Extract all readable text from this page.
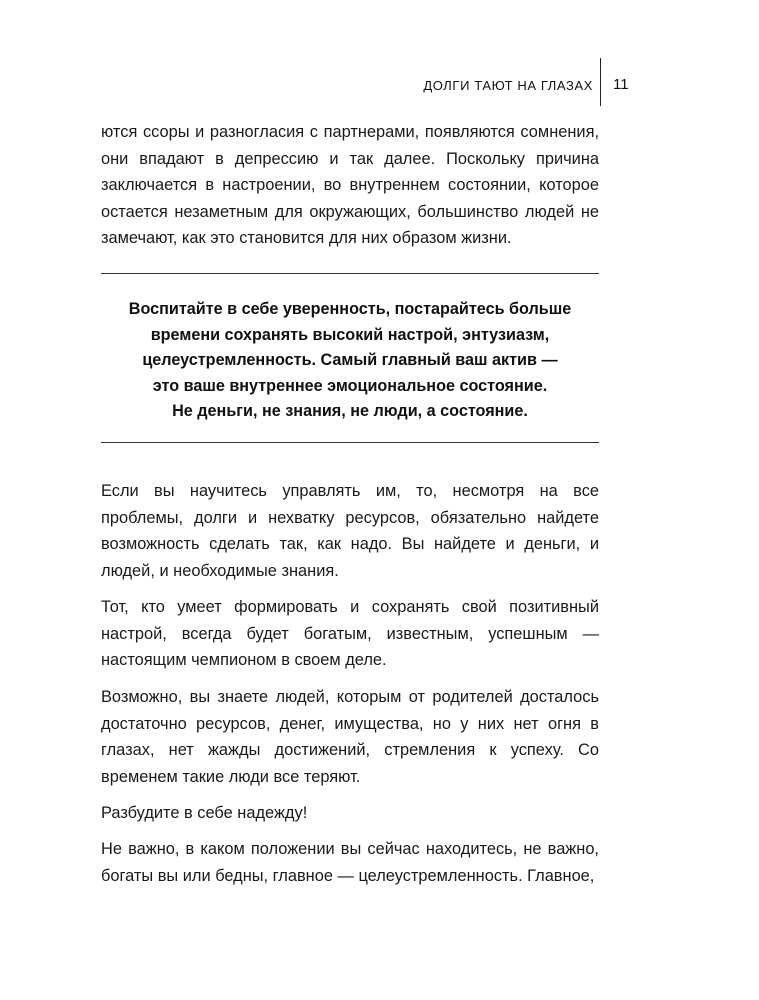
ДОЛГИ ТАЮТ НА ГЛАЗАХ 11

ются ссоры и разногласия с партнерами, появляются сомнения, они впадают в депрессию и так далее. Поскольку причина заключается в настроении, во внутреннем состоянии, которое остается незаметным для окружающих, большинство людей не замечают, как это становится для них образом жизни.

Воспитайте в себе уверенность, постарайтесь больше
времени сохранять высокий настрой, энтузиазм,
целеустремленность. Самый главный ваш актив —
это ваше внутреннее эмоциональное состояние.
Не деньги, не знания, не люди, а состояние.

Если вы научитесь управлять им, то, несмотря на все проблемы, долги и нехватку ресурсов, обязательно найдете возможность сделать так, как надо. Вы найдете и деньги, и людей, и необходимые знания.

Тот, кто умеет формировать и сохранять свой позитивный настрой, всегда будет богатым, известным, успешным — настоящим чемпионом в своем деле.

Возможно, вы знаете людей, которым от родителей досталось достаточно ресурсов, денег, имущества, но у них нет огня в глазах, нет жажды достижений, стремления к успеху. Со временем такие люди все теряют.

Разбудите в себе надежду!

Не важно, в каком положении вы сейчас находитесь, не важно, богаты вы или бедны, главное — целеустремленность. Главное,
